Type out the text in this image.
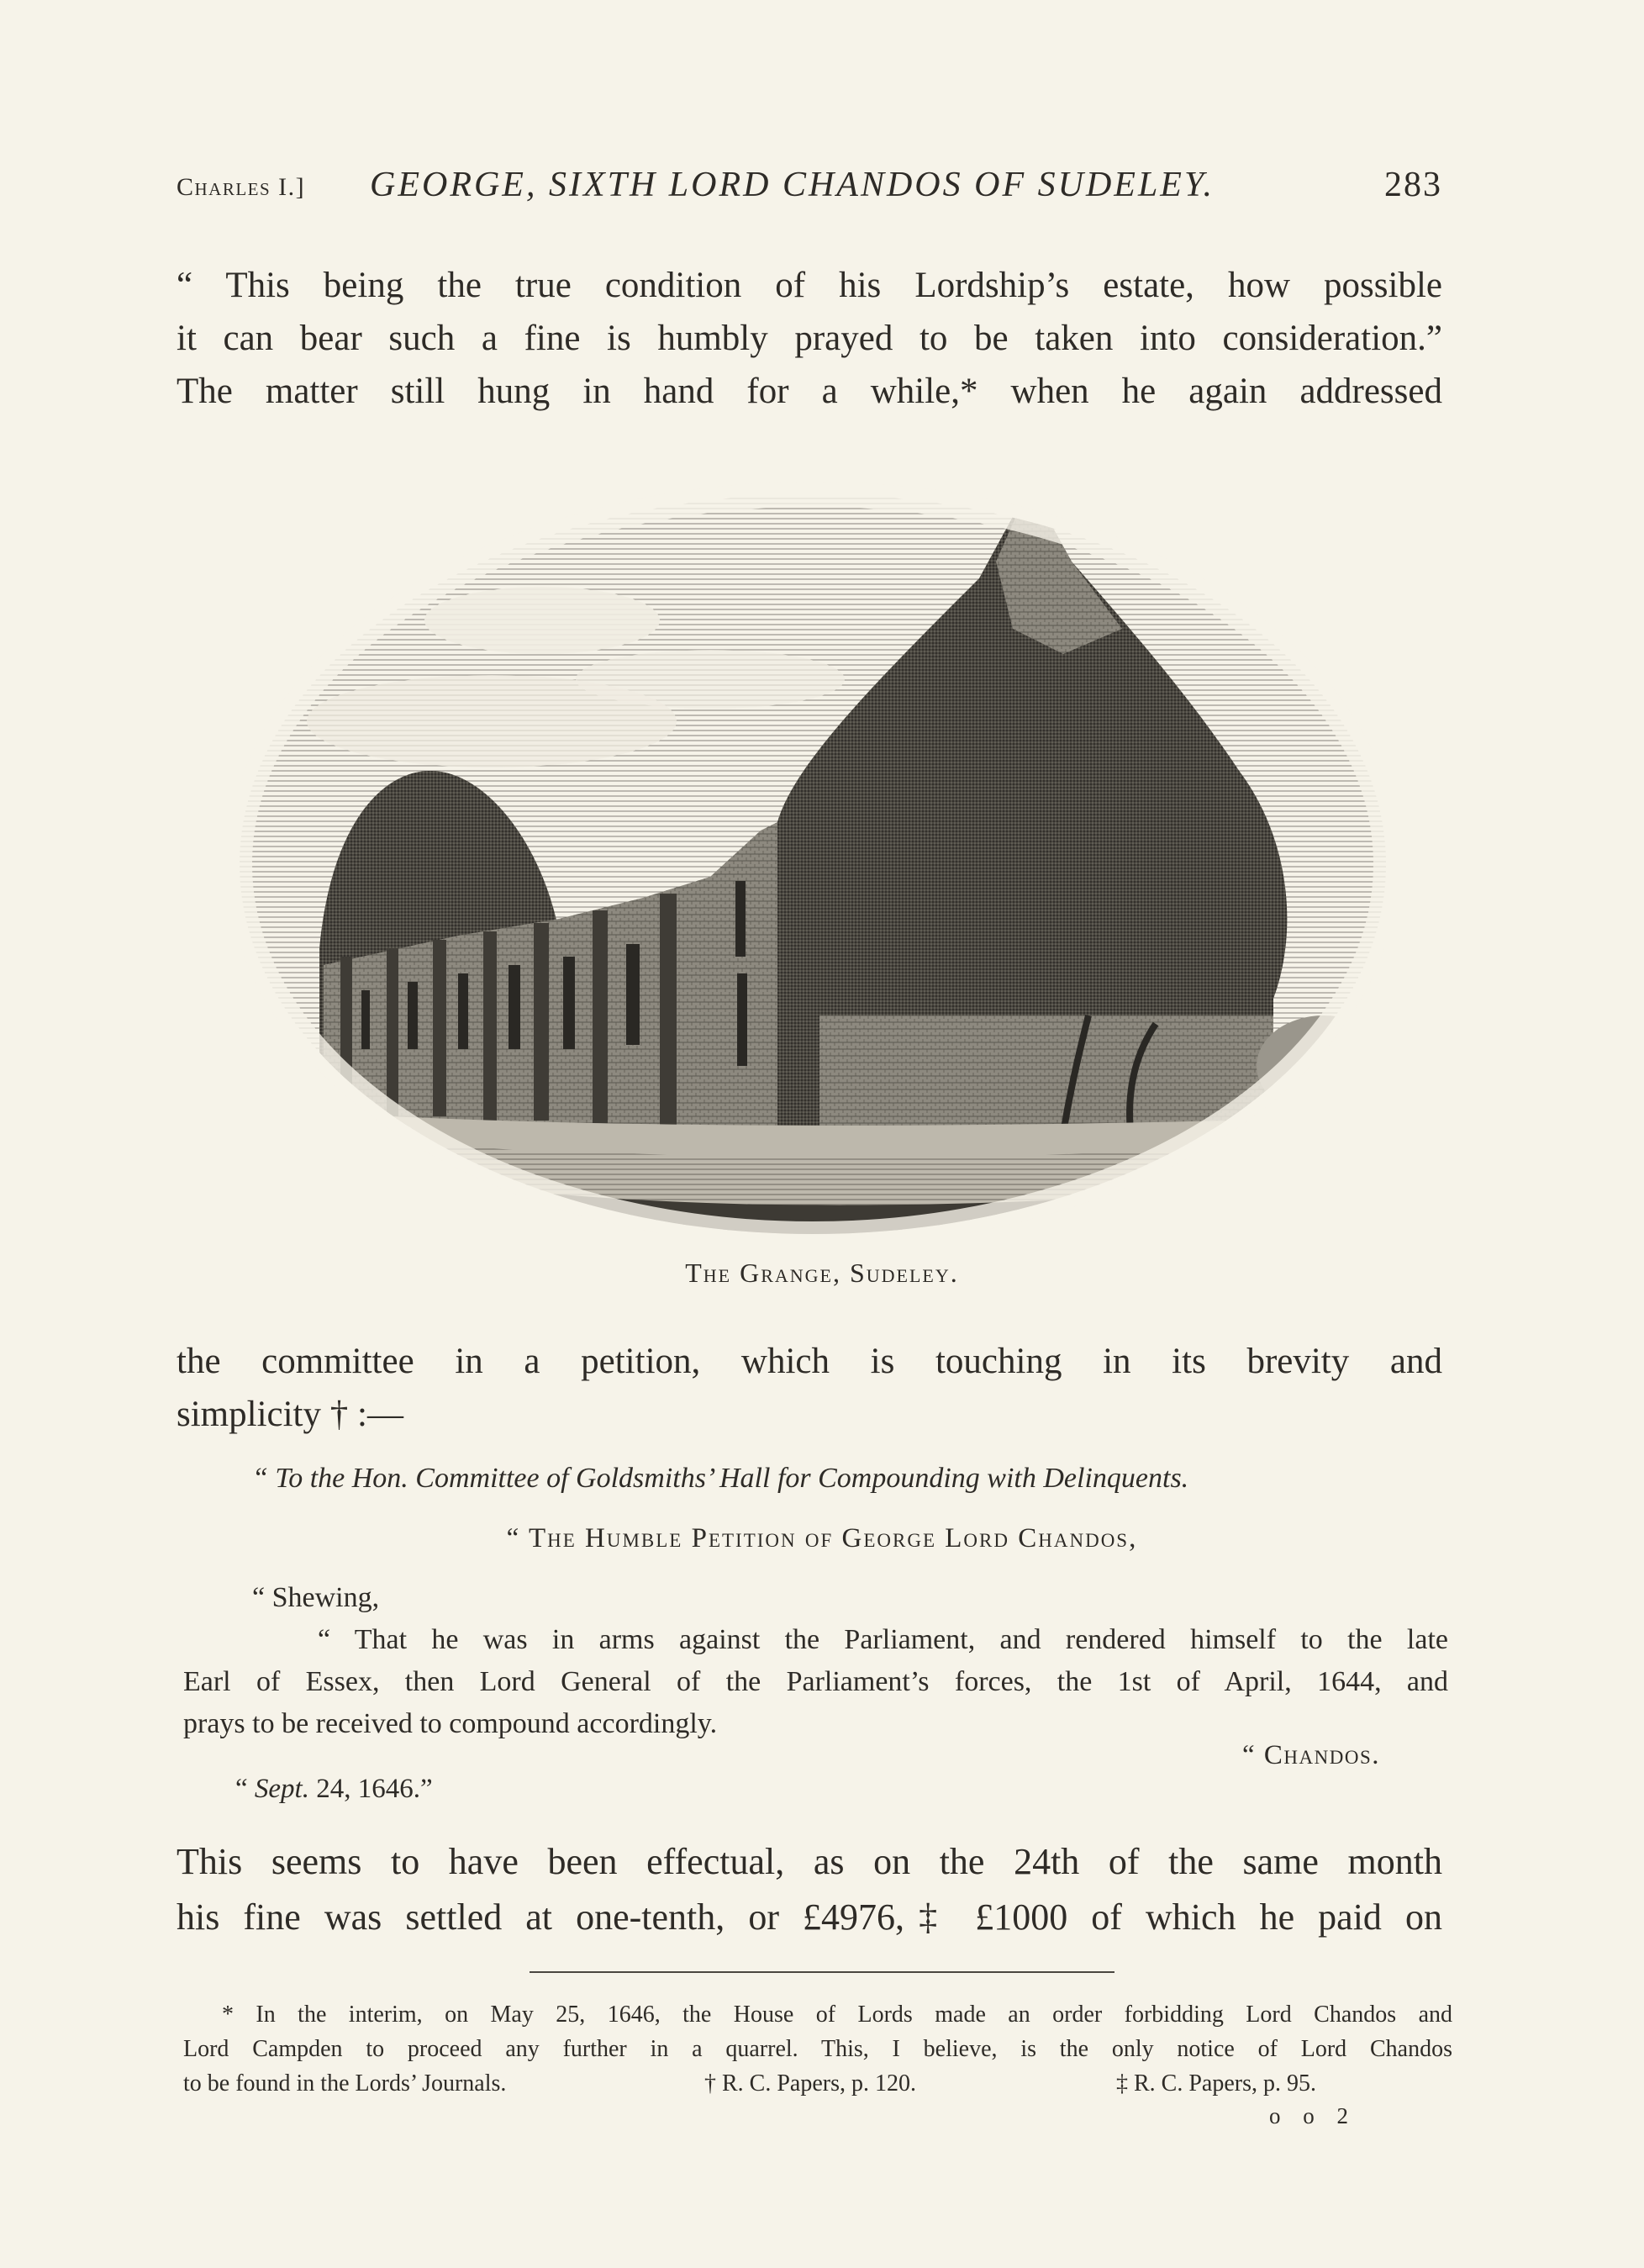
Charles I.] GEORGE, SIXTH LORD CHANDOS OF SUDELEY.	283
“ This being the true condition of his Lordship’s estate, how possible
it can bear such a fine is humbly prayed to be taken into consideration.”
The matter still hung in hand for a while,* when he again addressed
The Grange, Sudeley.
the committee in a petition, which is touching in its brevity and
simplicity † :—
“ To the Hon. Committee of Goldsmiths’ Hall for Compounding with Delinquents.
“ The Humble Petition of George Lord Chandos,
“ Shewing,
“ That he was in arms against the Parliament, and rendered himself to the late
Earl of Essex, then Lord General of the Parliament’s forces, the 1st of April, 1644, and
prays to be received to compound accordingly.
“ Chandos.
“ Sept. 24, 1646.”
This seems to have been effectual, as on the 24th of the same month
his fine was settled at one-tenth, or £4976,‡ £1000 of which he paid on
* In the interim, on May 25, 1646, the House of Lords made an order forbidding Lord Chandos and
Lord Campden to proceed any further in a quarrel. This, I believe, is the only notice of Lord Chandos
to be found in the Lords’ Journals.	† R. C. Papers, p. 120.	‡ R. C. Papers, p. 95.
o o 2
